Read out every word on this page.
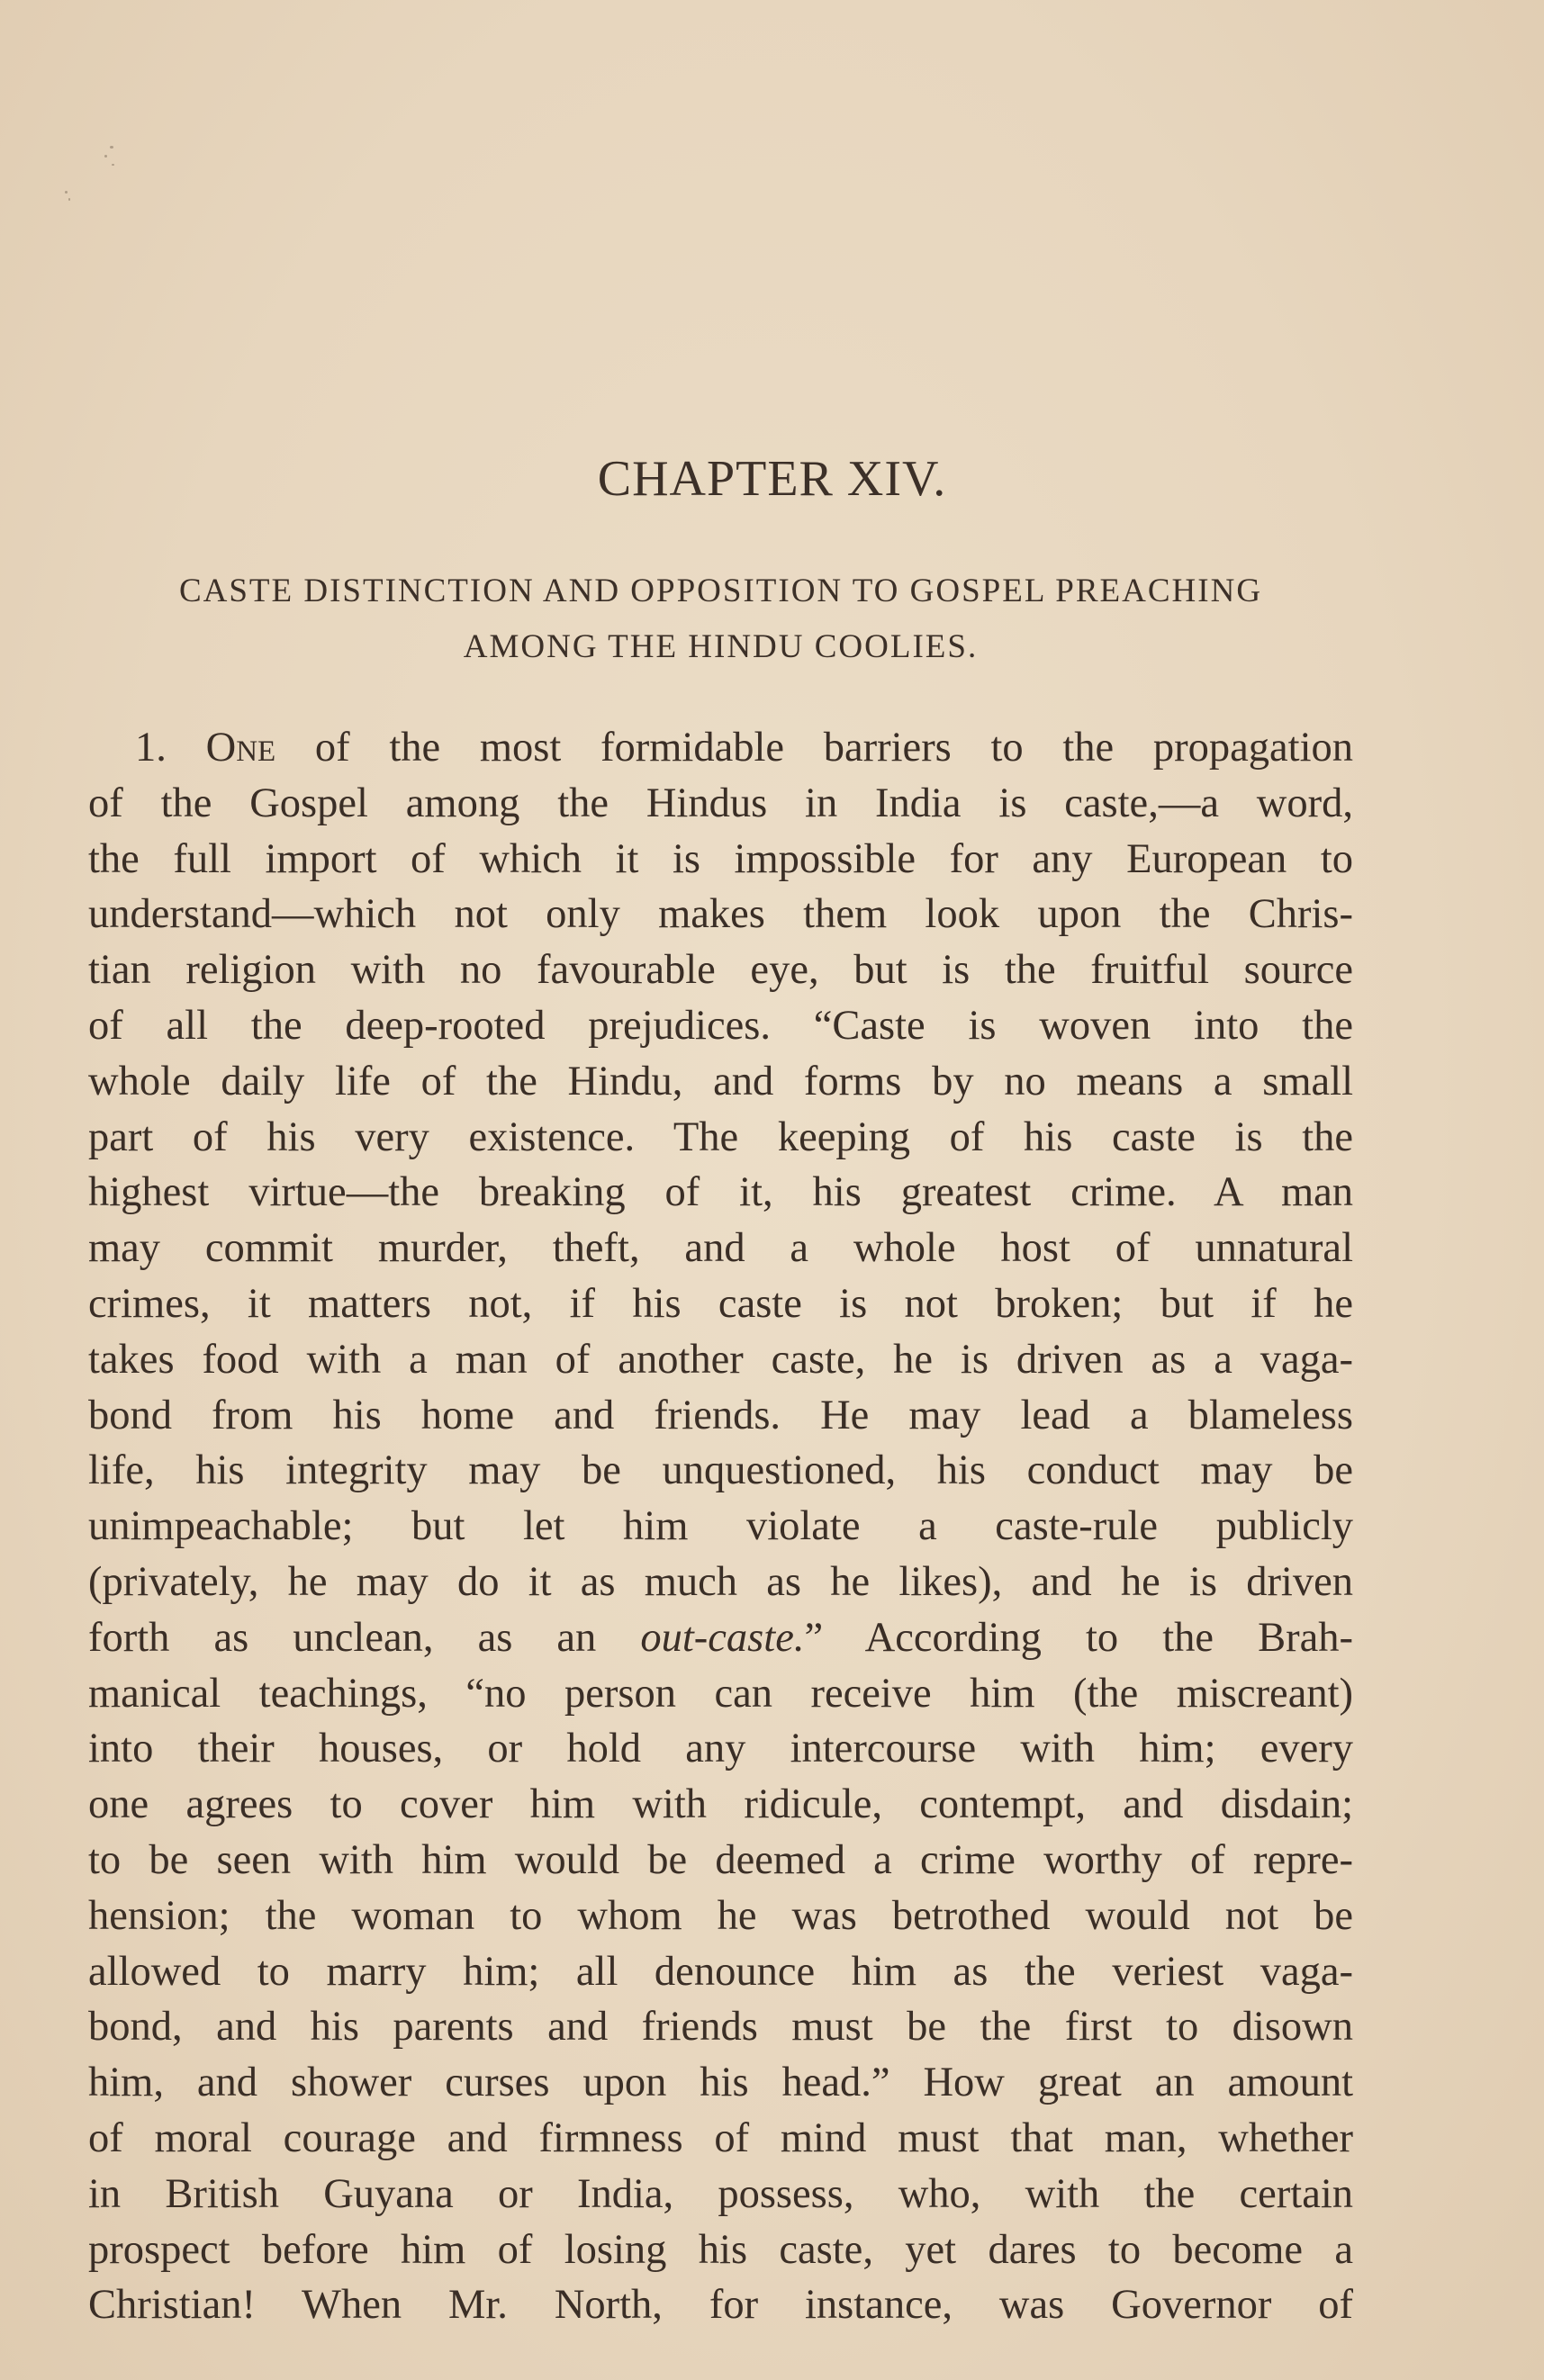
CHAPTER XIV.
CASTE DISTINCTION AND OPPOSITION TO GOSPEL PREACHING
AMONG THE HINDU COOLIES.
1. One of the most formidable barriers to the propagation
of the Gospel among the Hindus in India is caste,—a word,
the full import of which it is impossible for any European to
understand—which not only makes them look upon the Chris-
tian religion with no favourable eye, but is the fruitful source
of all the deep-rooted prejudices. “Caste is woven into the
whole daily life of the Hindu, and forms by no means a small
part of his very existence. The keeping of his caste is the
highest virtue—the breaking of it, his greatest crime. A man
may commit murder, theft, and a whole host of unnatural
crimes, it matters not, if his caste is not broken; but if he
takes food with a man of another caste, he is driven as a vaga-
bond from his home and friends. He may lead a blameless
life, his integrity may be unquestioned, his conduct may be
unimpeachable; but let him violate a caste-rule publicly
(privately, he may do it as much as he likes), and he is driven
forth as unclean, as an out-caste.” According to the Brah-
manical teachings, “no person can receive him (the miscreant)
into their houses, or hold any intercourse with him; every
one agrees to cover him with ridicule, contempt, and disdain;
to be seen with him would be deemed a crime worthy of repre-
hension; the woman to whom he was betrothed would not be
allowed to marry him; all denounce him as the veriest vaga-
bond, and his parents and friends must be the first to disown
him, and shower curses upon his head.” How great an amount
of moral courage and firmness of mind must that man, whether
in British Guyana or India, possess, who, with the certain
prospect before him of losing his caste, yet dares to become a
Christian! When Mr. North, for instance, was Governor of
